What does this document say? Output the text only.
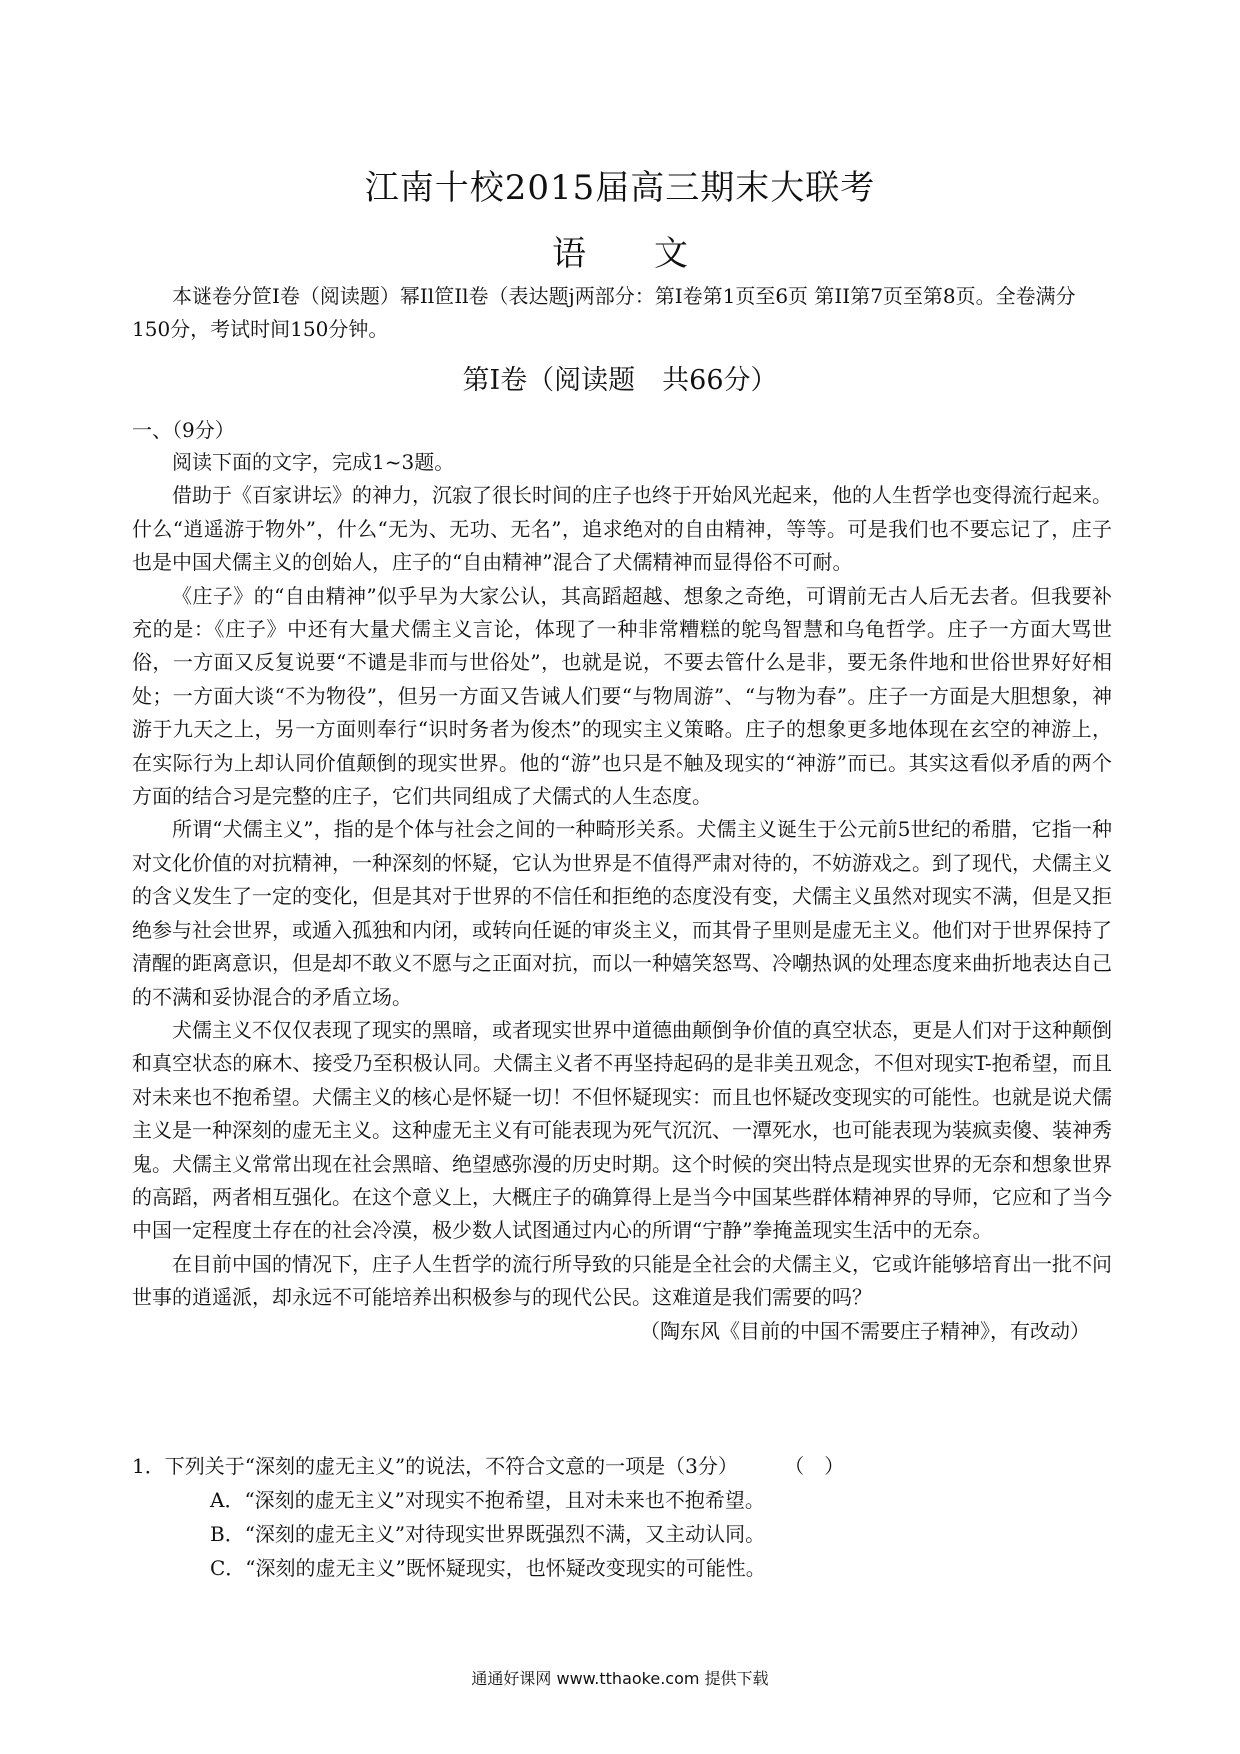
江南十校2015届高三期末大联考
语　　文
本谜卷分笸I卷（阅读题）幂Il笸Il卷（表达题j两部分：第I卷第1页至6页 第II第7页至第8页。全卷满分150分，考试时间150分钟。
第I卷（阅读题　共66分）
一、（9分）

阅读下面的文字，完成1~3题。

借助于《百家讲坛》的神力，沉寂了很长时间的庄子也终于开始风光起来，他的人生哲学也变得流行起来。什么“逍遥游于物外”，什么“无为、无功、无名”，追求绝对的自由精神，等等。可是我们也不要忘记了，庄子也是中国犬儒主义的创始人，庄子的“自由精神”混合了犬儒精神而显得俗不可耐。

《庄子》的“自由精神”似乎早为大家公认，其高蹈超越、想象之奇绝，可谓前无古人后无去者。但我要补充的是：《庄子》中还有大量犬儒主义言论，体现了一种非常糟糕的鸵鸟智慧和乌龟哲学。庄子一方面大骂世俗，一方面又反复说要“不谴是非而与世俗处”，也就是说，不要去管什么是非，要无条件地和世俗世界好好相处；一方面大谈“不为物役”，但另一方面又告诫人们要“与物周游”、“与物为春”。庄子一方面是大胆想象，神游于九天之上，另一方面则奉行“识时务者为俊杰”的现实主义策略。庄子的想象更多地体现在玄空的神游上，在实际行为上却认同价值颠倒的现实世界。他的“游”也只是不触及现实的“神游”而已。其实这看似矛盾的两个方面的结合习是完整的庄子，它们共同组成了犬儒式的人生态度。

所谓“犬儒主义”，指的是个体与社会之间的一种畸形关系。犬儒主义诞生于公元前5世纪的希腊，它指一种对文化价值的对抗精神，一种深刻的怀疑，它认为世界是不值得严肃对待的，不妨游戏之。到了现代，犬儒主义的含义发生了一定的变化，但是其对于世界的不信任和拒绝的态度没有变，犬儒主义虽然对现实不满，但是又拒绝参与社会世界，或遁入孤独和内闭，或转向任诞的审炎主义，而其骨子里则是虚无主义。他们对于世界保持了清醒的距离意识，但是却不敢义不愿与之正面对抗，而以一种嬉笑怒骂、冷嘲热讽的处理态度来曲折地表达自己的不满和妥协混合的矛盾立场。

犬儒主义不仅仅表现了现实的黑暗，或者现实世界中道德曲颠倒争价值的真空状态，更是人们对于这种颠倒和真空状态的麻木、接受乃至积极认同。犬儒主义者不再坚持起码的是非美丑观念，不但对现实T-抱希望，而且对未来也不抱希望。犬儒主义的核心是怀疑一切！不但怀疑现实：而且也怀疑改变现实的可能性。也就是说犬儒主义是一种深刻的虚无主义。这种虚无主义有可能表现为死气沉沉、一潭死水，也可能表现为装疯卖傻、装神秀鬼。犬儒主义常常出现在社会黑暗、绝望感弥漫的历史时期。这个时候的突出特点是现实世界的无奈和想象世界的高蹈，两者相互强化。在这个意义上，大概庄子的确算得上是当今中国某些群体精神界的导师，它应和了当今中国一定程度土存在的社会冷漠，极少数人试图通过内心的所谓“宁静”拳掩盖现实生活中的无奈。

在目前中国的情况下，庄子人生哲学的流行所导致的只能是全社会的犬儒主义，它或许能够培育出一批不问世事的逍遥派，却永远不可能培养出积极参与的现代公民。这难道是我们需要的吗？

（陶东风《目前的中国不需要庄子精神》，有改动）

1．下列关于“深刻的虚无主义”的说法，不符合文意的一项是（3分） （　）
A．“深刻的虚无主义”对现实不抱希望，且对未来也不抱希望。
B．“深刻的虚无主义”对待现实世界既强烈不满，又主动认同。
C．“深刻的虚无主义”既怀疑现实，也怀疑改变现实的可能性。
通通好课网 www.tthaoke.com 提供下载
